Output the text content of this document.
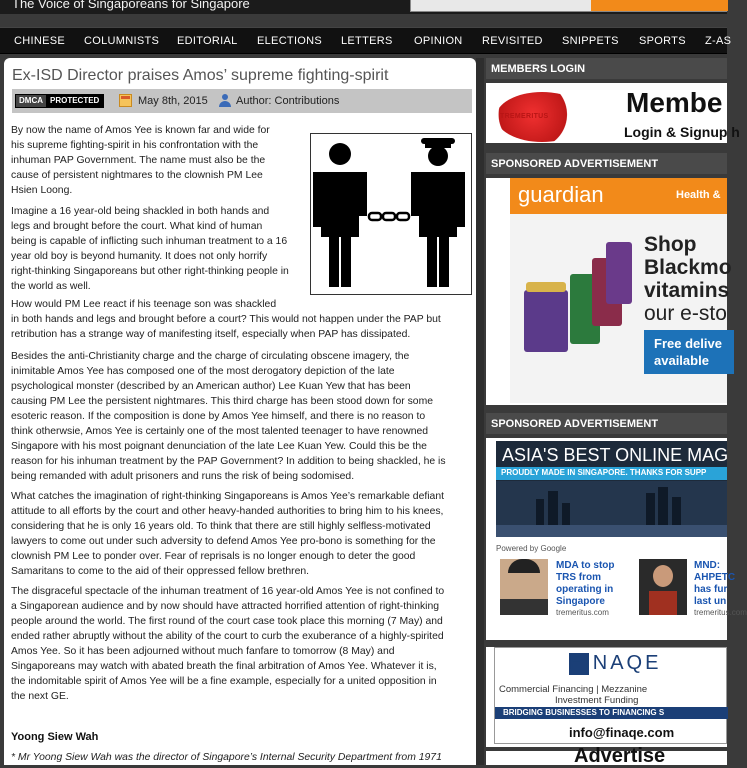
The Voice of Singaporeans for Singapore
CHINESE COLUMNISTS EDITORIAL ELECTIONS LETTERS OPINION REVISITED SNIPPETS SPORTS Z-AS
Ex-ISD Director praises Amos’ supreme fighting-spirit
DMCA PROTECTED	May 8th, 2015	Author: Contributions
By now the name of Amos Yee is known far and wide for
his supreme fighting-spirit in his confrontation with the
inhuman PAP Government. The name must also be the
cause of persistent nightmares to the clownish PM Lee
Hsien Loong.
Imagine a 16 year-old being shackled in both hands and
legs and brought before the court. What kind of human
being is capable of inflicting such inhuman treatment to a 16
year old boy is beyond humanity. It does not only horrify
right-thinking Singaporeans but other right-thinking people in
the world as well.
How would PM Lee react if his teenage son was shackled
in both hands and legs and brought before a court? This would not happen under the PAP but
retribution has a strange way of manifesting itself, especially when PAP has dissipated.
Besides the anti-Christianity charge and the charge of circulating obscene imagery, the
inimitable Amos Yee has composed one of the most derogatory depiction of the late
psychological monster (described by an American author) Lee Kuan Yew that has been
causing PM Lee the persistent nightmares. This third charge has been stood down for some
esoteric reason. If the composition is done by Amos Yee himself, and there is no reason to
think otherwsie, Amos Yee is certainly one of the most talented teenager to have renowned
Singapore with his most poignant denunciation of the late Lee Kuan Yew. Could this be the
reason for his inhuman treatment by the PAP Government? In addition to being shackled, he is
being remanded with adult prisoners and runs the risk of being sodomised.
What catches the imagination of right-thinking Singaporeans is Amos Yee’s remarkable defiant
attitude to all efforts by the court and other heavy-handed authorities to bring him to his knees,
considering that he is only 16 years old. To think that there are still highly selfless-motivated
lawyers to come out under such adversity to defend Amos Yee pro-bono is something for the
clownish PM Lee to ponder over. Fear of reprisals is no longer enough to deter the good
Samaritans to come to the aid of their oppressed fellow brethren.
The disgraceful spectacle of the inhuman treatment of 16 year-old Amos Yee is not confined to
a Singaporean audience and by now should have attracted horrified attention of right-thinking
people around the world. The first round of the court case took place this morning (7 May) and
ended rather abruptly without the ability of the court to curb the exuberance of a highly-spirited
Amos Yee. So it has been adjourned without much fanfare to tomorrow (8 May) and
Singaporeans may watch with abated breath the final arbitration of Amos Yee. Whatever it is,
the indomitable spirit of Amos Yee will be a fine example, especially for a united opposition in
the next GE.
Yoong Siew Wah
* Mr Yoong Siew Wah was the director of Singapore’s Internal Security Department from 1971
MEMBERS LOGIN
TREMERITUS	Membe
Login & Signup h
SPONSORED ADVERTISEMENT
guardian	Health &
Shop
Blackmo
vitamins
our e-sto
Free delive
available
SPONSORED ADVERTISEMENT
ASIA'S BEST ONLINE MAG
PROUDLY MADE IN SINGAPORE. THANKS FOR SUPP
Powered by Google
MDA to stop
TRS from
operating in
Singapore
tremeritus.com
MND:
AHPETC
has fur
last un
tremeritus.com
FINAQE
Commercial Financing | Mezzanine
Investment Funding
BRIDGING BUSINESSES TO FINANCING S
info@finaqe.com
Advertise
